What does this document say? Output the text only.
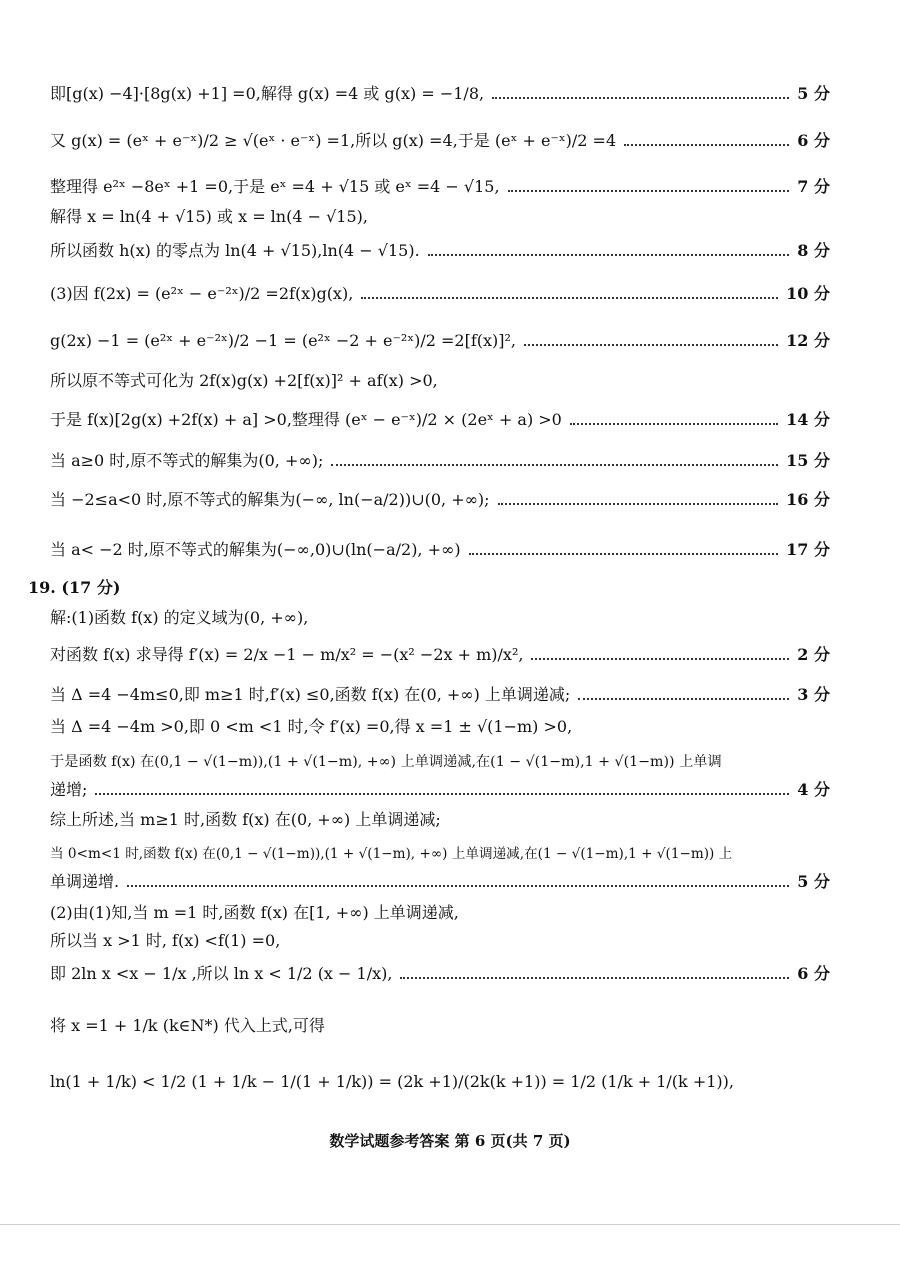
即[g(x) −4]·[8g(x) +1] =0,解得 g(x) =4 或 g(x) = −1/8,	5 分
又 g(x) = (eˣ + e⁻ˣ)/2 ≥ √(eˣ · e⁻ˣ) =1,所以 g(x) =4,于是 (eˣ + e⁻ˣ)/2 =4	6 分
整理得 e²ˣ −8eˣ +1 =0,于是 eˣ =4 + √15 或 eˣ =4 − √15,	7 分
解得 x = ln(4 + √15) 或 x = ln(4 − √15),
所以函数 h(x) 的零点为 ln(4 + √15),ln(4 − √15).	8 分
(3)因 f(2x) = (e²ˣ − e⁻²ˣ)/2 =2f(x)g(x),	10 分
g(2x) −1 = (e²ˣ + e⁻²ˣ)/2 −1 = (e²ˣ −2 + e⁻²ˣ)/2 =2[f(x)]²,	12 分
所以原不等式可化为 2f(x)g(x) +2[f(x)]² + af(x) >0,
于是 f(x)[2g(x) +2f(x) + a] >0,整理得 (eˣ − e⁻ˣ)/2 × (2eˣ + a) >0	14 分
当 a≥0 时,原不等式的解集为(0, +∞);	15 分
当 −2≤a<0 时,原不等式的解集为(−∞, ln(−a/2))∪(0, +∞);	16 分
当 a< −2 时,原不等式的解集为(−∞,0)∪(ln(−a/2), +∞)	17 分
19. (17 分)
解:(1)函数 f(x) 的定义域为(0, +∞),
对函数 f(x) 求导得 f′(x) = 2/x −1 − m/x² = −(x² −2x + m)/x²,	2 分
当 Δ =4 −4m≤0,即 m≥1 时,f′(x) ≤0,函数 f(x) 在(0, +∞) 上单调递减;	3 分
当 Δ =4 −4m >0,即 0 <m <1 时,令 f′(x) =0,得 x =1 ± √(1−m) >0,
于是函数 f(x) 在(0,1 − √(1−m)),(1 + √(1−m), +∞) 上单调递减,在(1 − √(1−m),1 + √(1−m)) 上单调
递增;	4 分
综上所述,当 m≥1 时,函数 f(x) 在(0, +∞) 上单调递减;
当 0<m<1 时,函数 f(x) 在(0,1 − √(1−m)),(1 + √(1−m), +∞) 上单调递减,在(1 − √(1−m),1 + √(1−m)) 上
单调递增.	5 分
(2)由(1)知,当 m =1 时,函数 f(x) 在[1, +∞) 上单调递减,
所以当 x >1 时, f(x) <f(1) =0,
即 2ln x <x − 1/x ,所以 ln x < 1/2 (x − 1/x),	6 分
将 x =1 + 1/k (k∈N*) 代入上式,可得
ln(1 + 1/k) < 1/2 (1 + 1/k − 1/(1 + 1/k)) = (2k +1)/(2k(k +1)) = 1/2 (1/k + 1/(k +1)),
数学试题参考答案 第 6 页(共 7 页)
